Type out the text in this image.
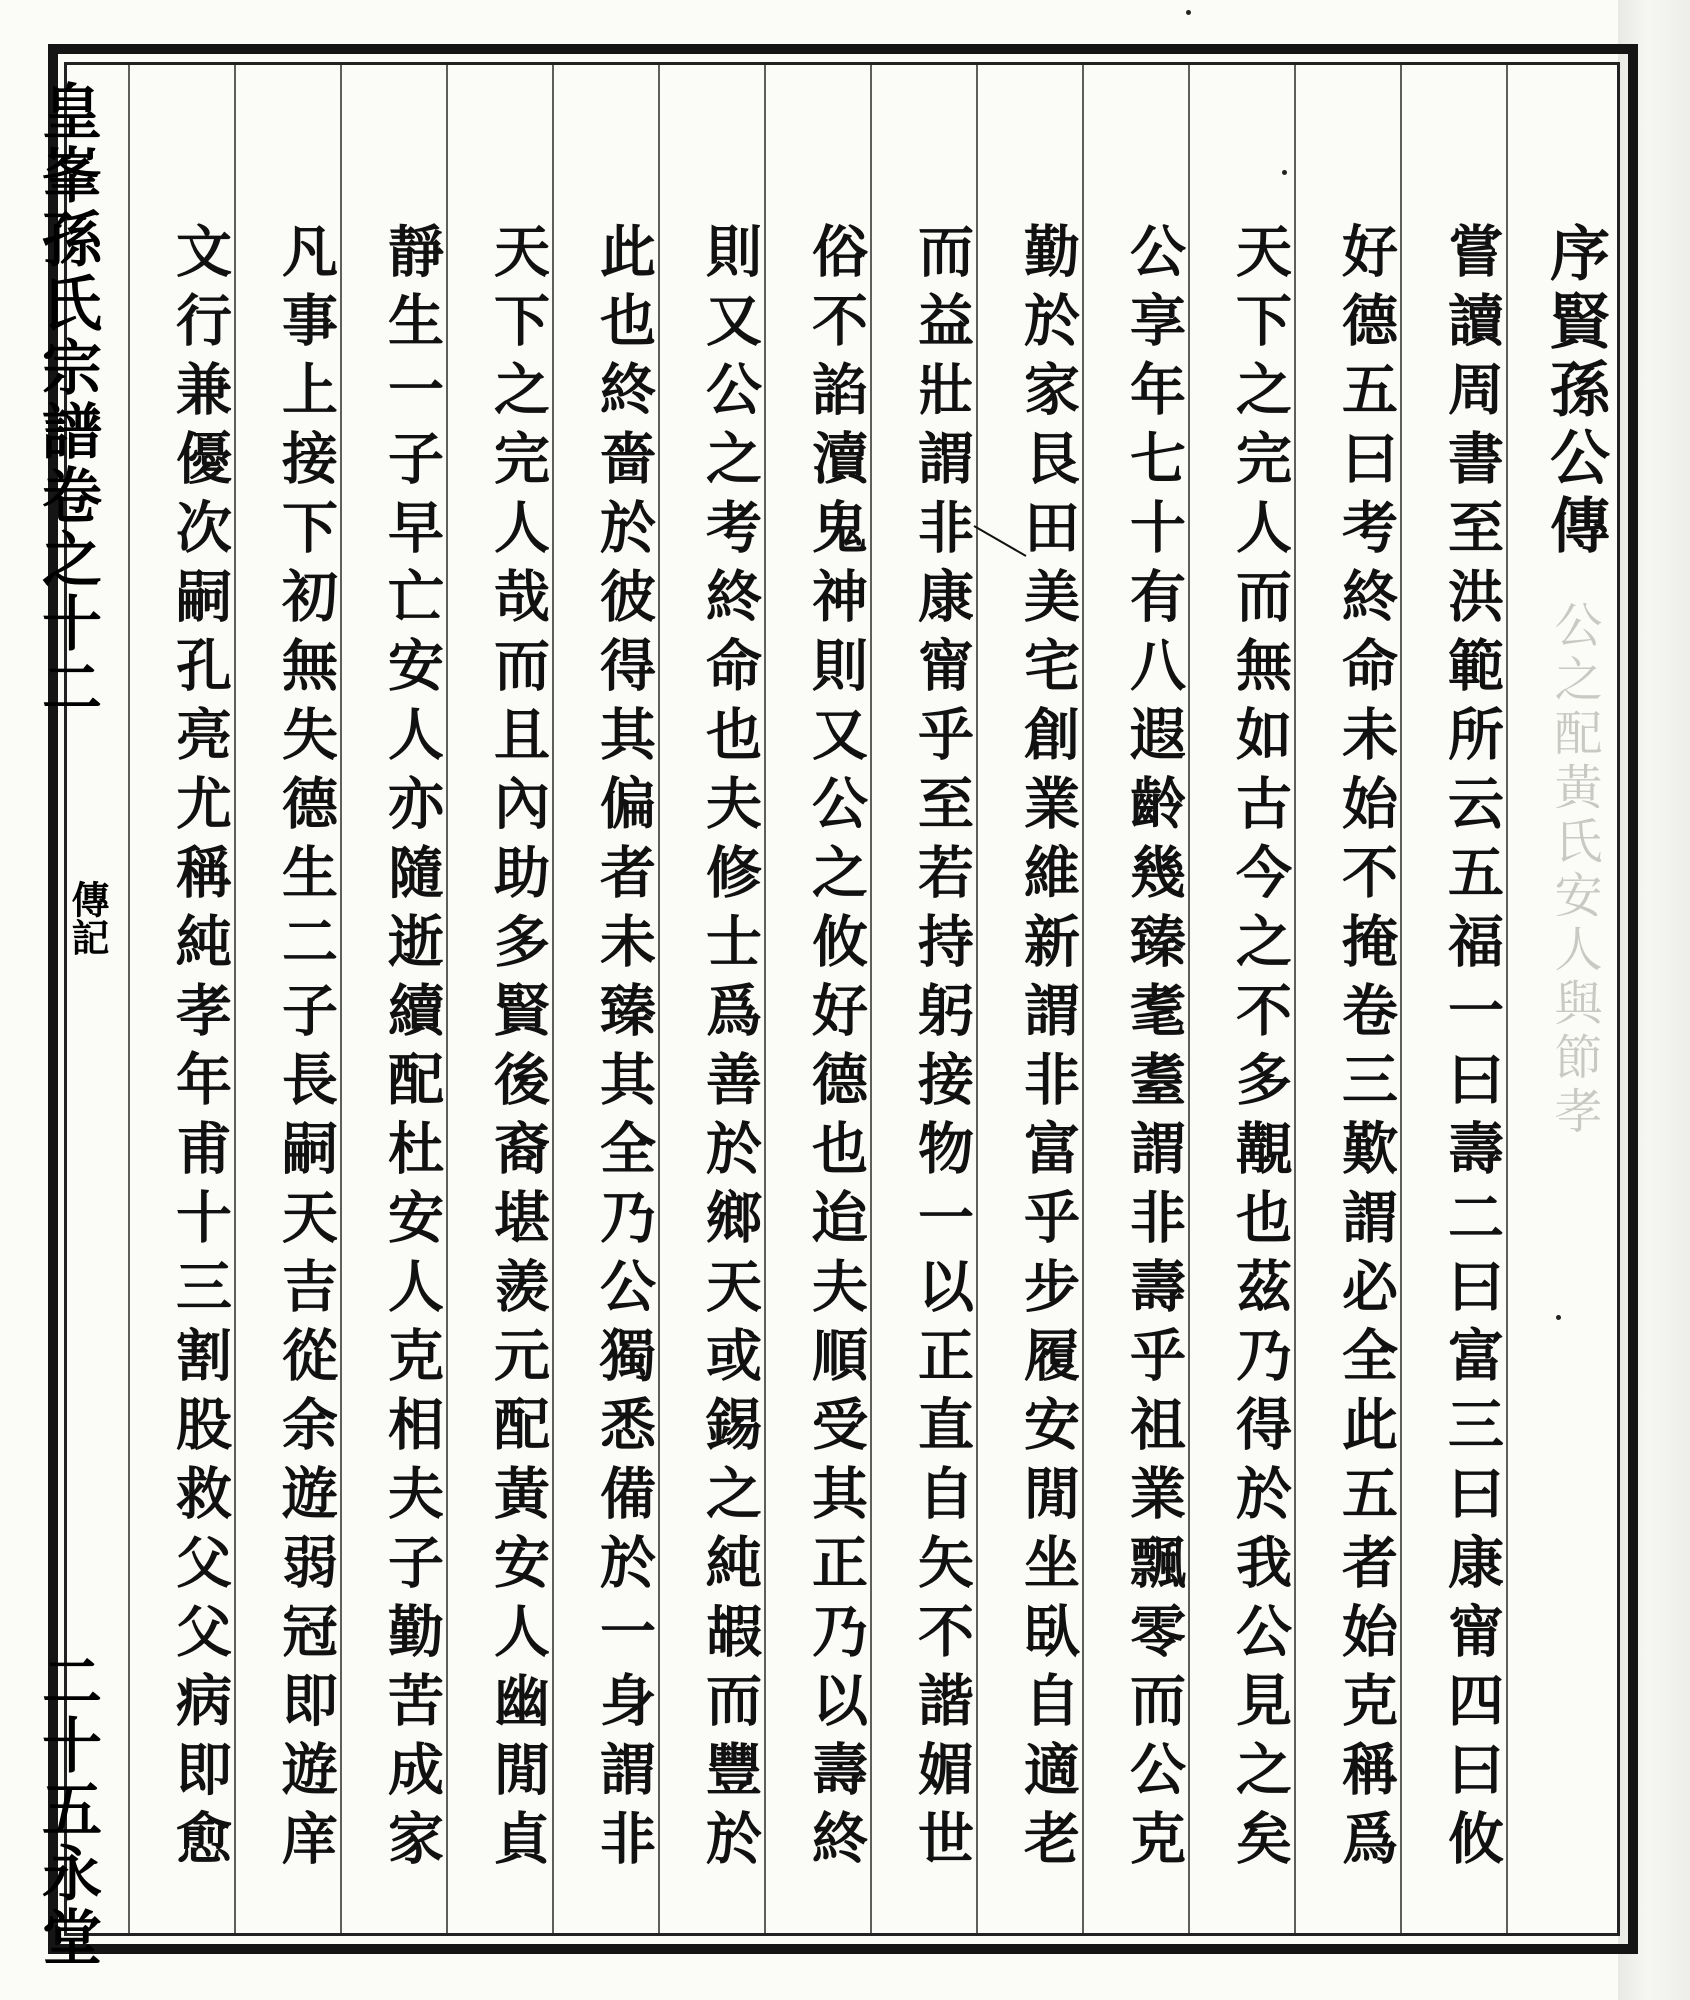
序賢孫公傳
公之配黃氏安人與節孝
嘗讀周書至洪範所云五福一曰壽二曰富三曰康甯四曰攸
好德五曰考終命未始不掩卷三歎謂必全此五者始克稱爲
天下之完人而無如古今之不多覯也茲乃得於我公見之矣
公享年七十有八遐齡幾臻耄耋謂非壽乎祖業飄零而公克
勤於家艮田美宅創業維新謂非富乎步履安閒坐臥自適老
而益壯謂非康甯乎至若持躬接物一以正直自矢不諧媚世
俗不諂瀆鬼神則又公之攸好德也迨夫順受其正乃以壽終
則又公之考終命也夫修士爲善於鄉天或錫之純嘏而豐於
此也終嗇於彼得其偏者未臻其全乃公獨悉備於一身謂非
天下之完人哉而且內助多賢後裔堪羨元配黃安人幽閒貞
靜生一子早亡安人亦隨逝續配杜安人克相夫子勤苦成家
凡事上接下初無失德生二子長嗣天吉從余遊弱冠即遊庠
文行兼優次嗣孔亮尤稱純孝年甫十三割股救父父病即愈
皇峯孫氏宗譜卷之十二
傳記
二十五永堂
